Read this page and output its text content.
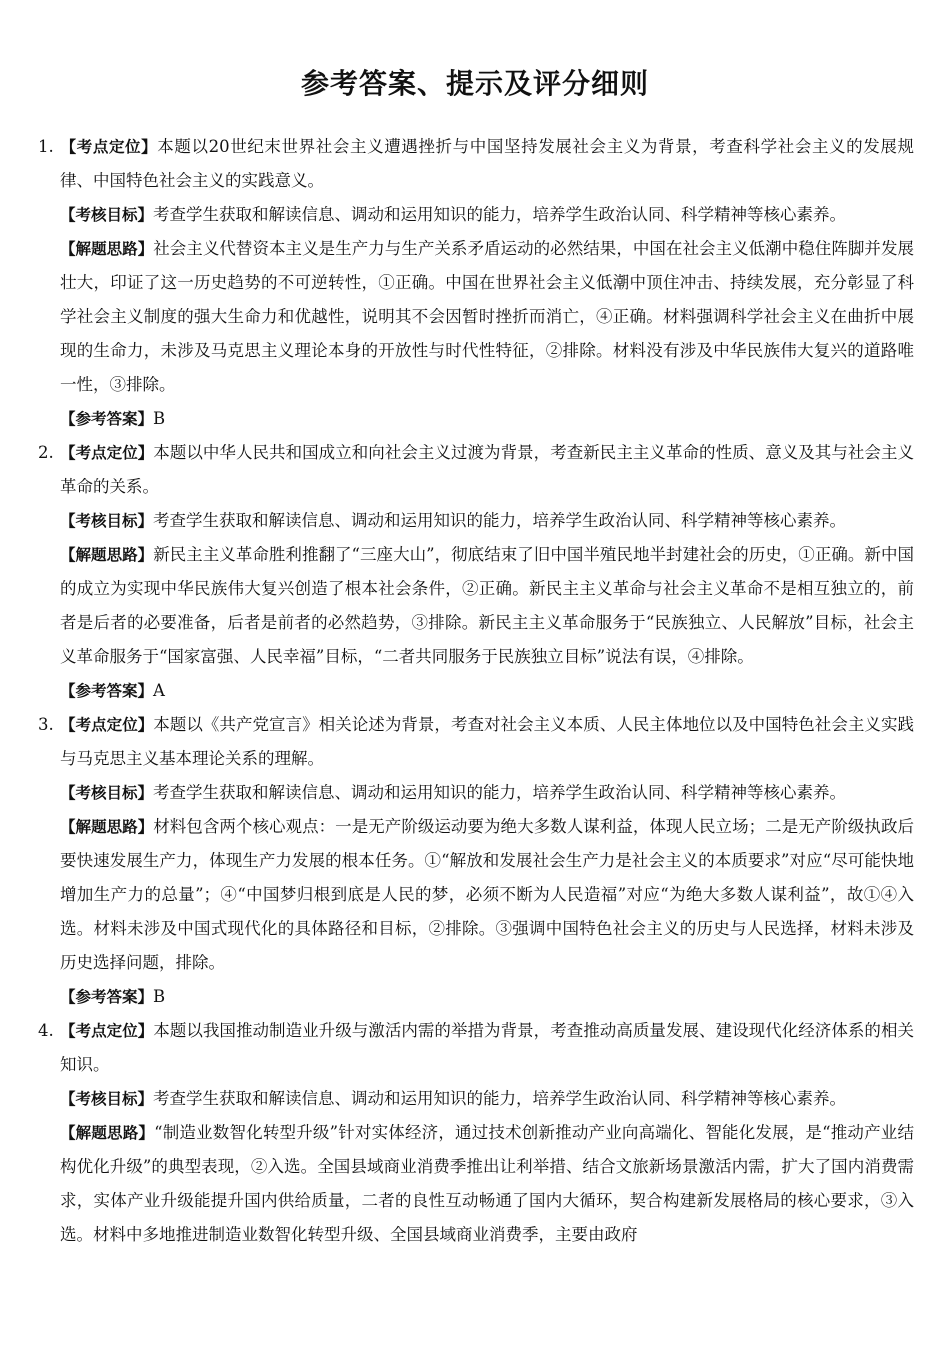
参考答案、提示及评分细则

1. 【考点定位】本题以20世纪末世界社会主义遭遇挫折与中国坚持发展社会主义为背景，考查科学社会主义的发展规律、中国特色社会主义的实践意义。

【考核目标】考查学生获取和解读信息、调动和运用知识的能力，培养学生政治认同、科学精神等核心素养。

【解题思路】社会主义代替资本主义是生产力与生产关系矛盾运动的必然结果，中国在社会主义低潮中稳住阵脚并发展壮大，印证了这一历史趋势的不可逆转性，①正确。中国在世界社会主义低潮中顶住冲击、持续发展，充分彰显了科学社会主义制度的强大生命力和优越性，说明其不会因暂时挫折而消亡，④正确。材料强调科学社会主义在曲折中展现的生命力，未涉及马克思主义理论本身的开放性与时代性特征，②排除。材料没有涉及中华民族伟大复兴的道路唯一性，③排除。

【参考答案】B

2. 【考点定位】本题以中华人民共和国成立和向社会主义过渡为背景，考查新民主主义革命的性质、意义及其与社会主义革命的关系。

【考核目标】考查学生获取和解读信息、调动和运用知识的能力，培养学生政治认同、科学精神等核心素养。

【解题思路】新民主主义革命胜利推翻了“三座大山”，彻底结束了旧中国半殖民地半封建社会的历史，①正确。新中国的成立为实现中华民族伟大复兴创造了根本社会条件，②正确。新民主主义革命与社会主义革命不是相互独立的，前者是后者的必要准备，后者是前者的必然趋势，③排除。新民主主义革命服务于“民族独立、人民解放”目标，社会主义革命服务于“国家富强、人民幸福”目标，“二者共同服务于民族独立目标”说法有误，④排除。

【参考答案】A

3. 【考点定位】本题以《共产党宣言》相关论述为背景，考查对社会主义本质、人民主体地位以及中国特色社会主义实践与马克思主义基本理论关系的理解。

【考核目标】考查学生获取和解读信息、调动和运用知识的能力，培养学生政治认同、科学精神等核心素养。

【解题思路】材料包含两个核心观点：一是无产阶级运动要为绝大多数人谋利益，体现人民立场；二是无产阶级执政后要快速发展生产力，体现生产力发展的根本任务。①“解放和发展社会生产力是社会主义的本质要求”对应“尽可能快地增加生产力的总量”；④“中国梦归根到底是人民的梦，必须不断为人民造福”对应“为绝大多数人谋利益”，故①④入选。材料未涉及中国式现代化的具体路径和目标，②排除。③强调中国特色社会主义的历史与人民选择，材料未涉及历史选择问题，排除。

【参考答案】B

4. 【考点定位】本题以我国推动制造业升级与激活内需的举措为背景，考查推动高质量发展、建设现代化经济体系的相关知识。

【考核目标】考查学生获取和解读信息、调动和运用知识的能力，培养学生政治认同、科学精神等核心素养。

【解题思路】“制造业数智化转型升级”针对实体经济，通过技术创新推动产业向高端化、智能化发展，是“推动产业结构优化升级”的典型表现，②入选。全国县域商业消费季推出让利举措、结合文旅新场景激活内需，扩大了国内消费需求，实体产业升级能提升国内供给质量，二者的良性互动畅通了国内大循环，契合构建新发展格局的核心要求，③入选。材料中多地推进制造业数智化转型升级、全国县域商业消费季，主要由政府
